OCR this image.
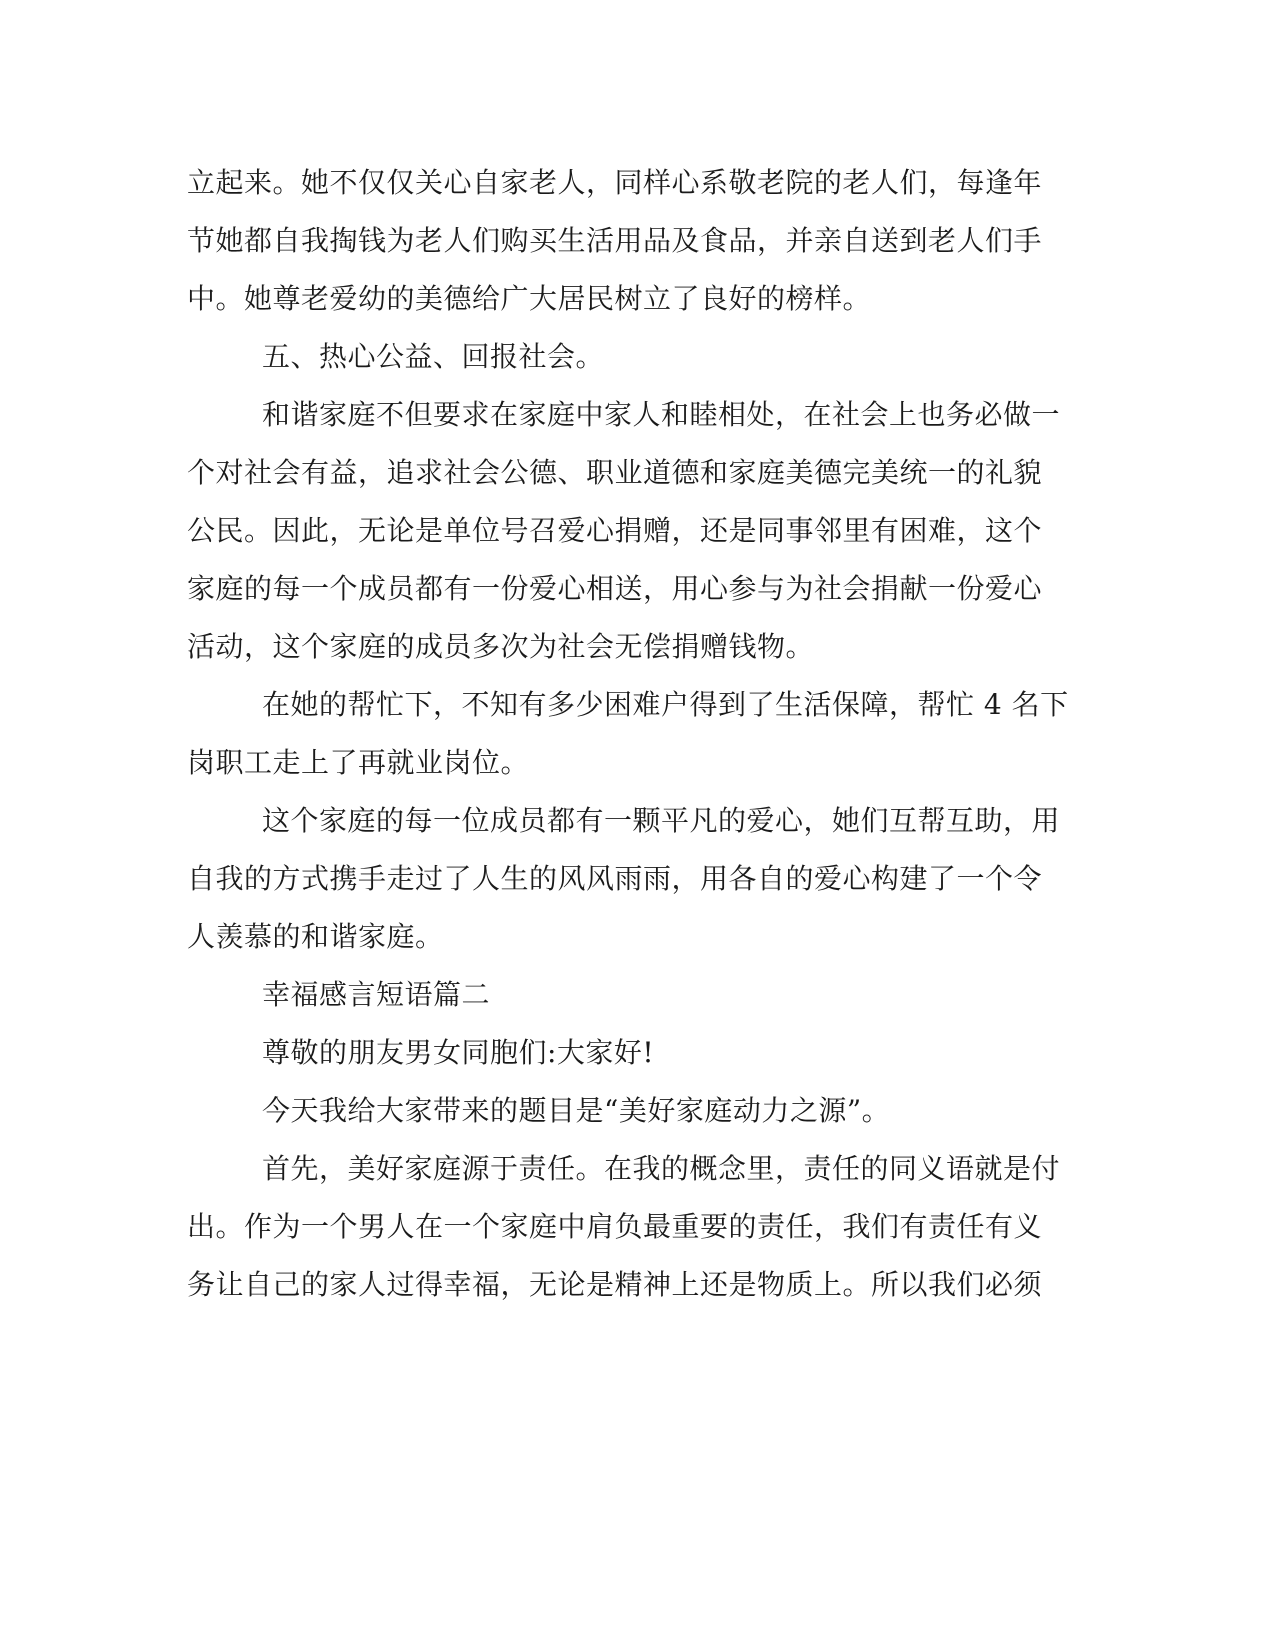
立起来。她不仅仅关心自家老人，同样心系敬老院的老人们，每逢年
节她都自我掏钱为老人们购买生活用品及食品，并亲自送到老人们手
中。她尊老爱幼的美德给广大居民树立了良好的榜样。
五、热心公益、回报社会。
和谐家庭不但要求在家庭中家人和睦相处，在社会上也务必做一
个对社会有益，追求社会公德、职业道德和家庭美德完美统一的礼貌
公民。因此，无论是单位号召爱心捐赠，还是同事邻里有困难，这个
家庭的每一个成员都有一份爱心相送，用心参与为社会捐献一份爱心
活动，这个家庭的成员多次为社会无偿捐赠钱物。
在她的帮忙下，不知有多少困难户得到了生活保障，帮忙 4 名下
岗职工走上了再就业岗位。
这个家庭的每一位成员都有一颗平凡的爱心，她们互帮互助，用
自我的方式携手走过了人生的风风雨雨，用各自的爱心构建了一个令
人羡慕的和谐家庭。
幸福感言短语篇二
尊敬的朋友男女同胞们:大家好!
今天我给大家带来的题目是“美好家庭动力之源”。
首先，美好家庭源于责任。在我的概念里，责任的同义语就是付
出。作为一个男人在一个家庭中肩负最重要的责任，我们有责任有义
务让自己的家人过得幸福，无论是精神上还是物质上。所以我们必须
